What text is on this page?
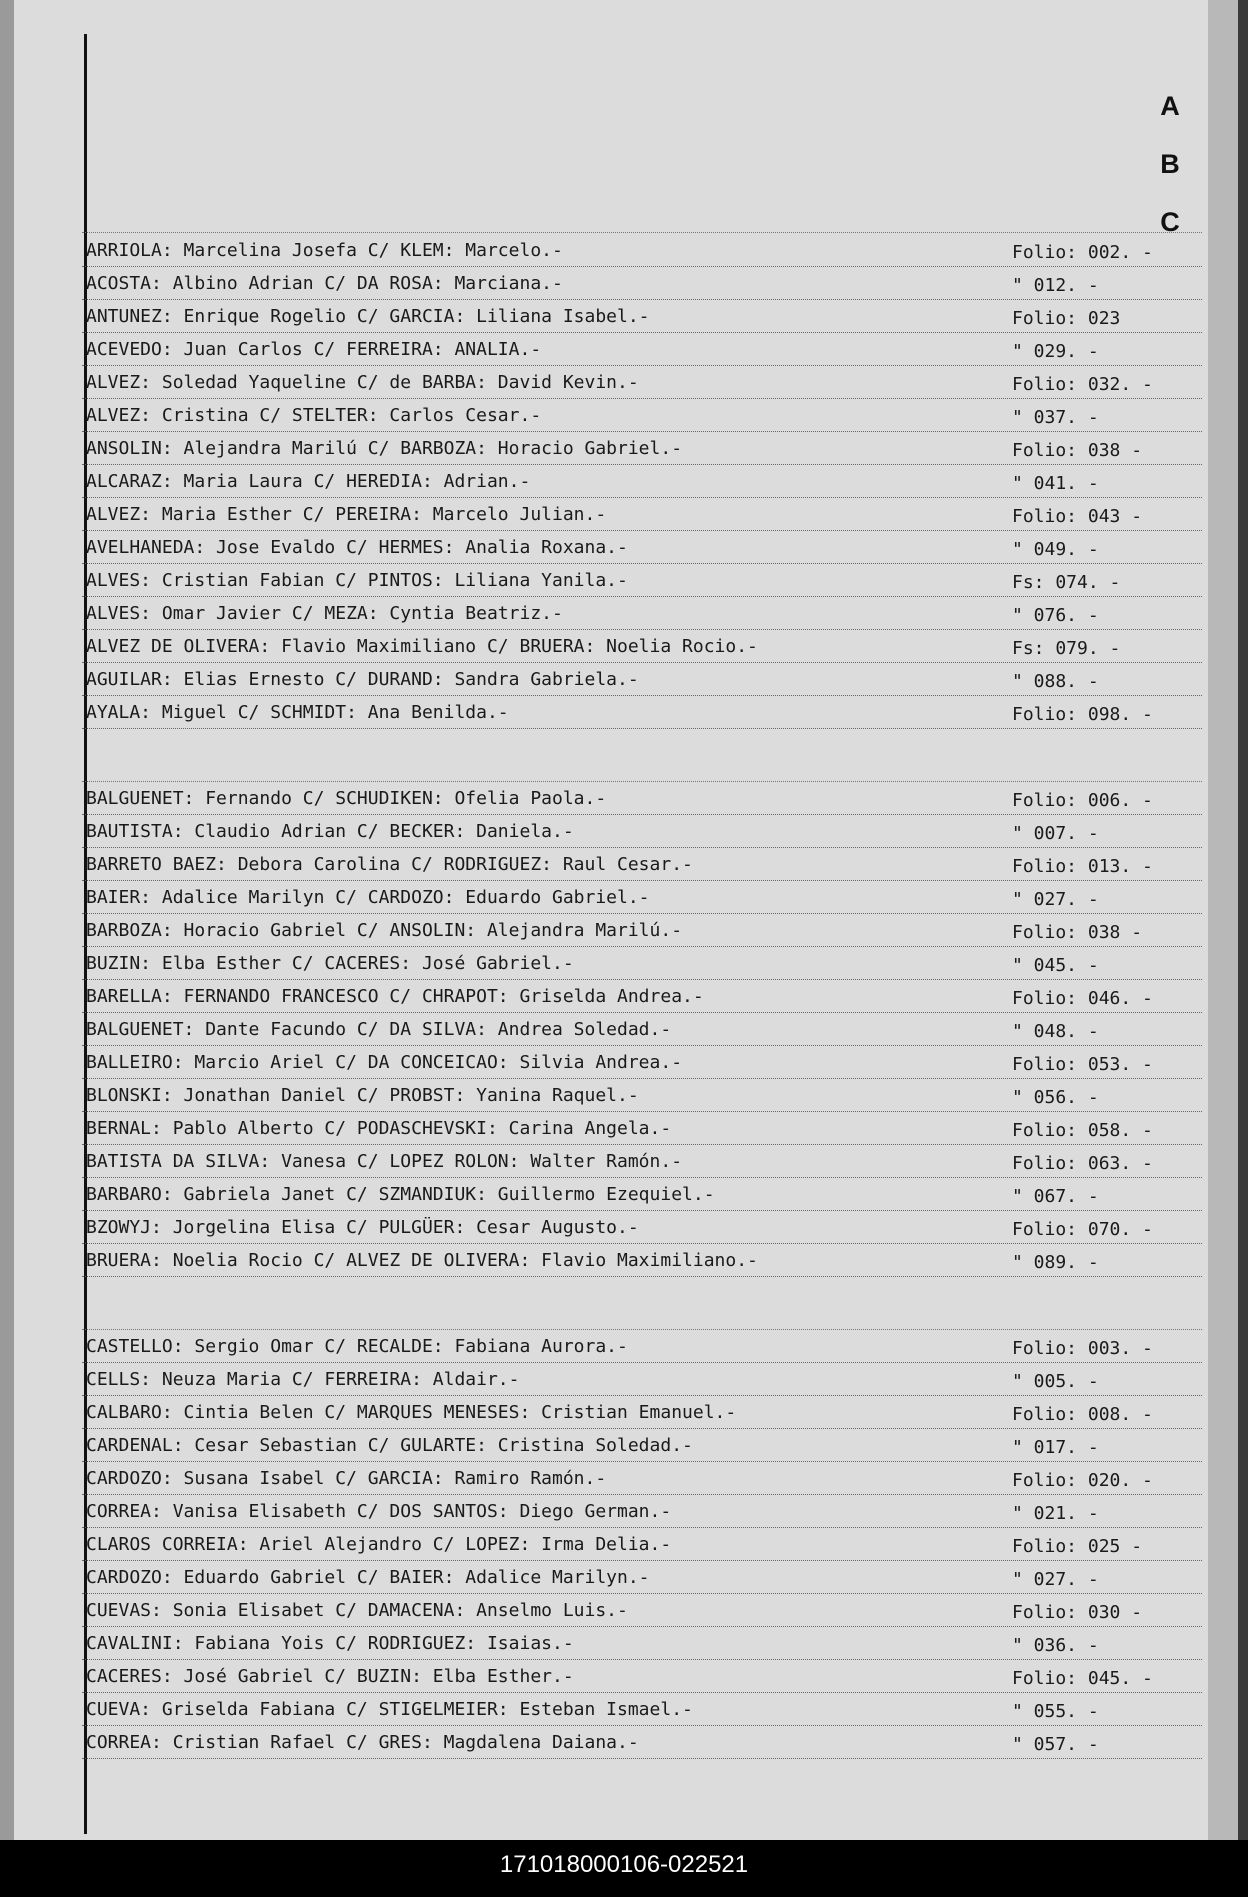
A
B
C
ARRIOLA: Marcelina Josefa C/ KLEM: Marcelo.-	Folio: 002. -
ACOSTA: Albino Adrian C/ DA ROSA: Marciana.-	" 012. -
ANTUNEZ: Enrique Rogelio C/ GARCIA: Liliana Isabel.-	Folio: 023
ACEVEDO: Juan Carlos C/ FERREIRA: ANALIA.-	" 029. -
ALVEZ: Soledad Yaqueline C/ de BARBA: David Kevin.-	Folio: 032. -
ALVEZ: Cristina C/ STELTER: Carlos Cesar.-	" 037. -
ANSOLIN: Alejandra Marilú C/ BARBOZA: Horacio Gabriel.-	Folio: 038 -
ALCARAZ: Maria Laura C/ HEREDIA: Adrian.-	" 041. -
ALVEZ: Maria Esther C/ PEREIRA: Marcelo Julian.-	Folio: 043 -
AVELHANEDA: Jose Evaldo C/ HERMES: Analia Roxana.-	" 049. -
ALVES: Cristian Fabian C/ PINTOS: Liliana Yanila.-	Fs: 074. -
ALVES: Omar Javier C/ MEZA: Cyntia Beatriz.-	" 076. -
ALVEZ DE OLIVERA: Flavio Maximiliano C/ BRUERA: Noelia Rocio.-	Fs: 079. -
AGUILAR: Elias Ernesto C/ DURAND: Sandra Gabriela.-	" 088. -
AYALA: Miguel C/ SCHMIDT: Ana Benilda.-	Folio: 098. -
BALGUENET: Fernando C/ SCHUDIKEN: Ofelia Paola.-	Folio: 006. -
BAUTISTA: Claudio Adrian C/ BECKER: Daniela.-	" 007. -
BARRETO BAEZ: Debora Carolina C/ RODRIGUEZ: Raul Cesar.-	Folio: 013. -
BAIER: Adalice Marilyn C/ CARDOZO: Eduardo Gabriel.-	" 027. -
BARBOZA: Horacio Gabriel C/ ANSOLIN: Alejandra Marilú.-	Folio: 038 -
BUZIN: Elba Esther C/ CACERES: José Gabriel.-	" 045. -
BARELLA: FERNANDO FRANCESCO C/ CHRAPOT: Griselda Andrea.-	Folio: 046. -
BALGUENET: Dante Facundo C/ DA SILVA: Andrea Soledad.-	" 048. -
BALLEIRO: Marcio Ariel C/ DA CONCEICAO: Silvia Andrea.-	Folio: 053. -
BLONSKI: Jonathan Daniel C/ PROBST: Yanina Raquel.-	" 056. -
BERNAL: Pablo Alberto C/ PODASCHEVSKI: Carina Angela.-	Folio: 058. -
BATISTA DA SILVA: Vanesa C/ LOPEZ ROLON: Walter Ramón.-	Folio: 063. -
BARBARO: Gabriela Janet C/ SZMANDIUK: Guillermo Ezequiel.-	" 067. -
BZOWYJ: Jorgelina Elisa C/ PULGÜER: Cesar Augusto.-	Folio: 070. -
BRUERA: Noelia Rocio C/ ALVEZ DE OLIVERA: Flavio Maximiliano.-	" 089. -
CASTELLO: Sergio Omar C/ RECALDE: Fabiana Aurora.-	Folio: 003. -
CELLS: Neuza Maria C/ FERREIRA: Aldair.-	" 005. -
CALBARO: Cintia Belen C/ MARQUES MENESES: Cristian Emanuel.-	Folio: 008. -
CARDENAL: Cesar Sebastian C/ GULARTE: Cristina Soledad.-	" 017. -
CARDOZO: Susana Isabel C/ GARCIA: Ramiro Ramón.-	Folio: 020. -
CORREA: Vanisa Elisabeth C/ DOS SANTOS: Diego German.-	" 021. -
CLAROS CORREIA: Ariel Alejandro C/ LOPEZ: Irma Delia.-	Folio: 025 -
CARDOZO: Eduardo Gabriel C/ BAIER: Adalice Marilyn.-	" 027. -
CUEVAS: Sonia Elisabet C/ DAMACENA: Anselmo Luis.-	Folio: 030 -
CAVALINI: Fabiana Yois C/ RODRIGUEZ: Isaias.-	" 036. -
CACERES: José Gabriel C/ BUZIN: Elba Esther.-	Folio: 045. -
CUEVA: Griselda Fabiana C/ STIGELMEIER: Esteban Ismael.-	" 055. -
CORREA: Cristian Rafael C/ GRES: Magdalena Daiana.-	" 057. -
171018000106-022521
